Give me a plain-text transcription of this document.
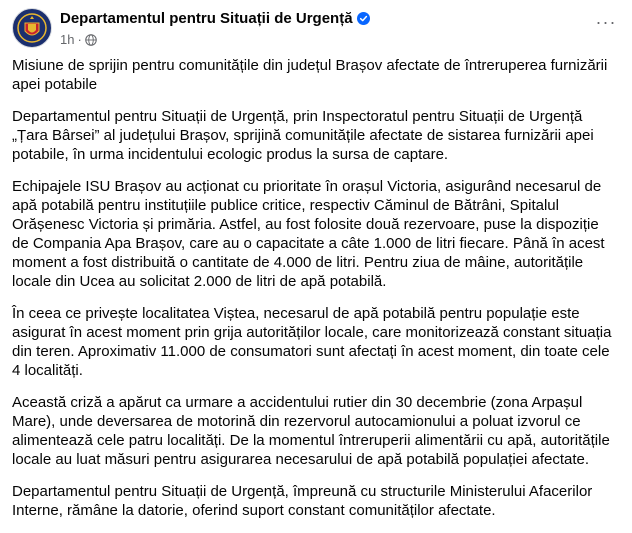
Departamentul pentru Situații de Urgență
1h ·
···

Misiune de sprijin pentru comunitățile din județul Brașov afectate de întreruperea furnizării apei potabile

Departamentul pentru Situații de Urgență, prin Inspectoratul pentru Situații de Urgență „Țara Bârsei” al județului Brașov, sprijină comunitățile afectate de sistarea furnizării apei potabile, în urma incidentului ecologic produs la sursa de captare.

Echipajele ISU Brașov au acționat cu prioritate în orașul Victoria, asigurând necesarul de apă potabilă pentru instituțiile publice critice, respectiv Căminul de Bătrâni, Spitalul Orășenesc Victoria și primăria. Astfel, au fost folosite două rezervoare, puse la dispoziție de Compania Apa Brașov, care au o capacitate a câte 1.000 de litri fiecare. Până în acest moment a fost distribuită o cantitate de 4.000 de litri. Pentru ziua de mâine, autoritățile locale din Ucea au solicitat 2.000 de litri de apă potabilă.

În ceea ce privește localitatea Viștea, necesarul de apă potabilă pentru populație este asigurat în acest moment prin grija autorităților locale, care monitorizează constant situația din teren. Aproximativ 11.000 de consumatori sunt afectați în acest moment, din toate cele 4 localități.

Această criză a apărut ca urmare a accidentului rutier din 30 decembrie (zona Arpașul Mare), unde deversarea de motorină din rezervorul autocamionului a poluat izvorul ce alimentează cele patru localități. De la momentul întreruperii alimentării cu apă, autoritățile locale au luat măsuri pentru asigurarea necesarului de apă potabilă populației afectate.

Departamentul pentru Situații de Urgență, împreună cu structurile Ministerului Afacerilor Interne, rămâne la datorie, oferind suport constant comunităților afectate.
